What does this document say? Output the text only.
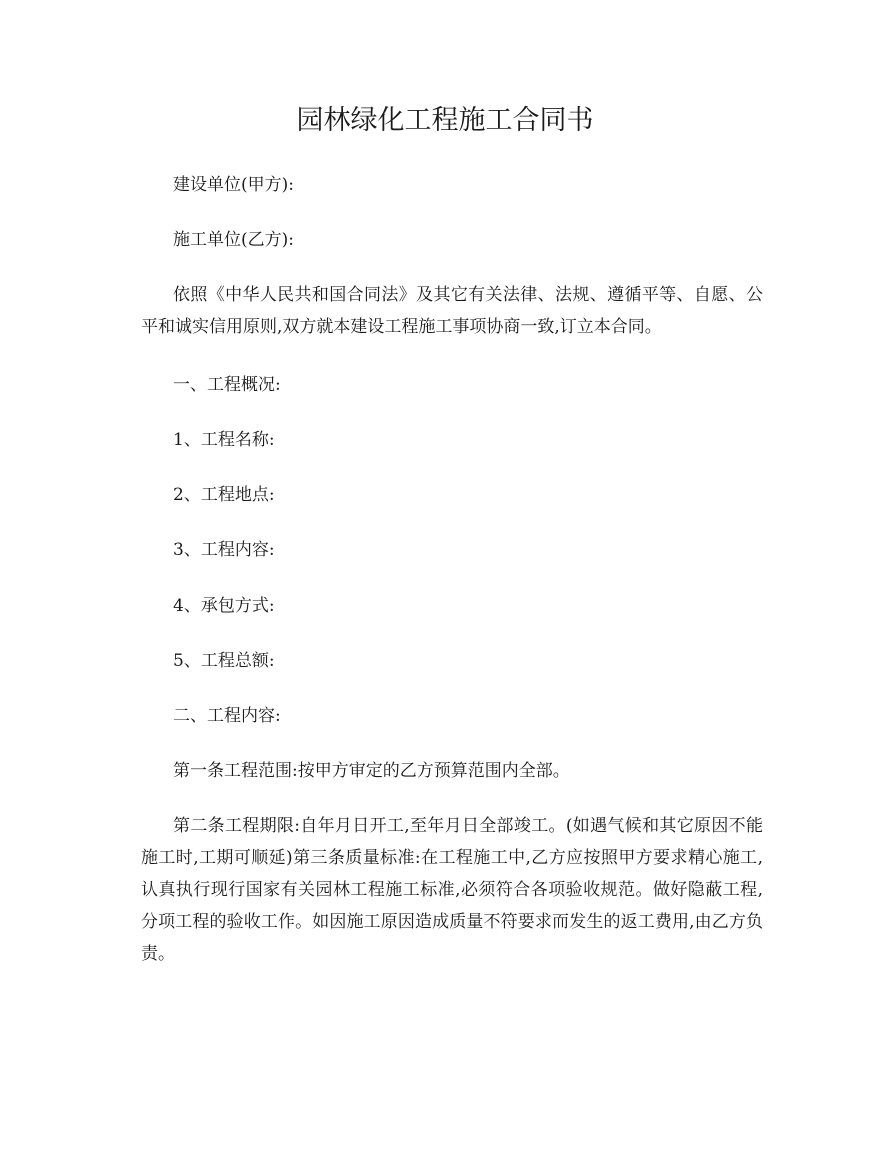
园林绿化工程施工合同书
建设单位(甲方):
施工单位(乙方):
依照《中华人民共和国合同法》及其它有关法律、法规、遵循平等、自愿、公平和诚实信用原则,双方就本建设工程施工事项协商一致,订立本合同。
一、工程概况:
1、工程名称:
2、工程地点:
3、工程内容:
4、承包方式:
5、工程总额:
二、工程内容:
第一条工程范围:按甲方审定的乙方预算范围内全部。
第二条工程期限:自年月日开工,至年月日全部竣工。(如遇气候和其它原因不能施工时,工期可顺延)第三条质量标准:在工程施工中,乙方应按照甲方要求精心施工,认真执行现行国家有关园林工程施工标准,必须符合各项验收规范。做好隐蔽工程,分项工程的验收工作。如因施工原因造成质量不符要求而发生的返工费用,由乙方负责。
